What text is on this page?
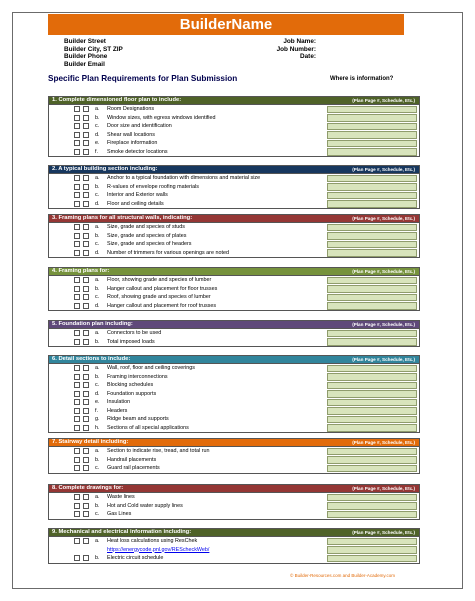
BuilderName
Builder Street
Builder City, ST ZIP
Builder Phone
Builder Email
Job Name:
Job Number:
Date:
Specific Plan Requirements for Plan Submission	Where is information?
1. Complete dimensioned floor plan to include:	(Plan Page #, Schedule, Etc.)
a. Room Designations
b. Window sizes, with egress windows identified
c. Door size and identification
d. Shear wall locations
e. Fireplace information
f. Smoke detector locations
2. A typical building section including:	(Plan Page #, Schedule, Etc.)
a. Anchor to a typical foundation with dimensions and material size
b. R-values of envelope roofing materials
c. Interior and Exterior walls
d. Floor and ceiling details
3. Framing plans for all structural walls, indicating:	(Plan Page #, Schedule, Etc.)
a. Size, grade and species of studs
b. Size, grade and species of plates
c. Size, grade and species of headers
d. Number of trimmers for various openings are noted
4. Framing plans for:	(Plan Page #, Schedule, Etc.)
a. Floor, showing grade and species of lumber
b. Hanger callout and placement for floor trusses
c. Roof, showing grade and species of lumber
d. Hanger callout and placement for roof trusses
5. Foundation plan including:	(Plan Page #, Schedule, Etc.)
a. Connectors to be used
b. Total imposed loads
6. Detail sections to include:	(Plan Page #, Schedule, Etc.)
a. Wall, roof, floor and ceiling coverings
b. Framing interconnections
c. Blocking schedules
d. Foundation supports
e. Insulation
f. Headers
g. Ridge beam and supports
h. Sections of all special applications
7. Stairway detail including:	(Plan Page #, Schedule, Etc.)
a. Section to indicate rise, tread, and total run
b. Handrail placements
c. Guard rail placements
8. Complete drawings for:	(Plan Page #, Schedule, Etc.)
a. Waste lines
b. Hot and Cold water supply lines
c. Gas Lines
9. Mechanical and electrical information including:	(Plan Page #, Schedule, Etc.)
a. Heat loss calculations using ResChek
https://energycode.pnl.gov/REScheckWeb/
b. Electric circuit schedule
© Builder-Resources.com and Builder-Academy.com
